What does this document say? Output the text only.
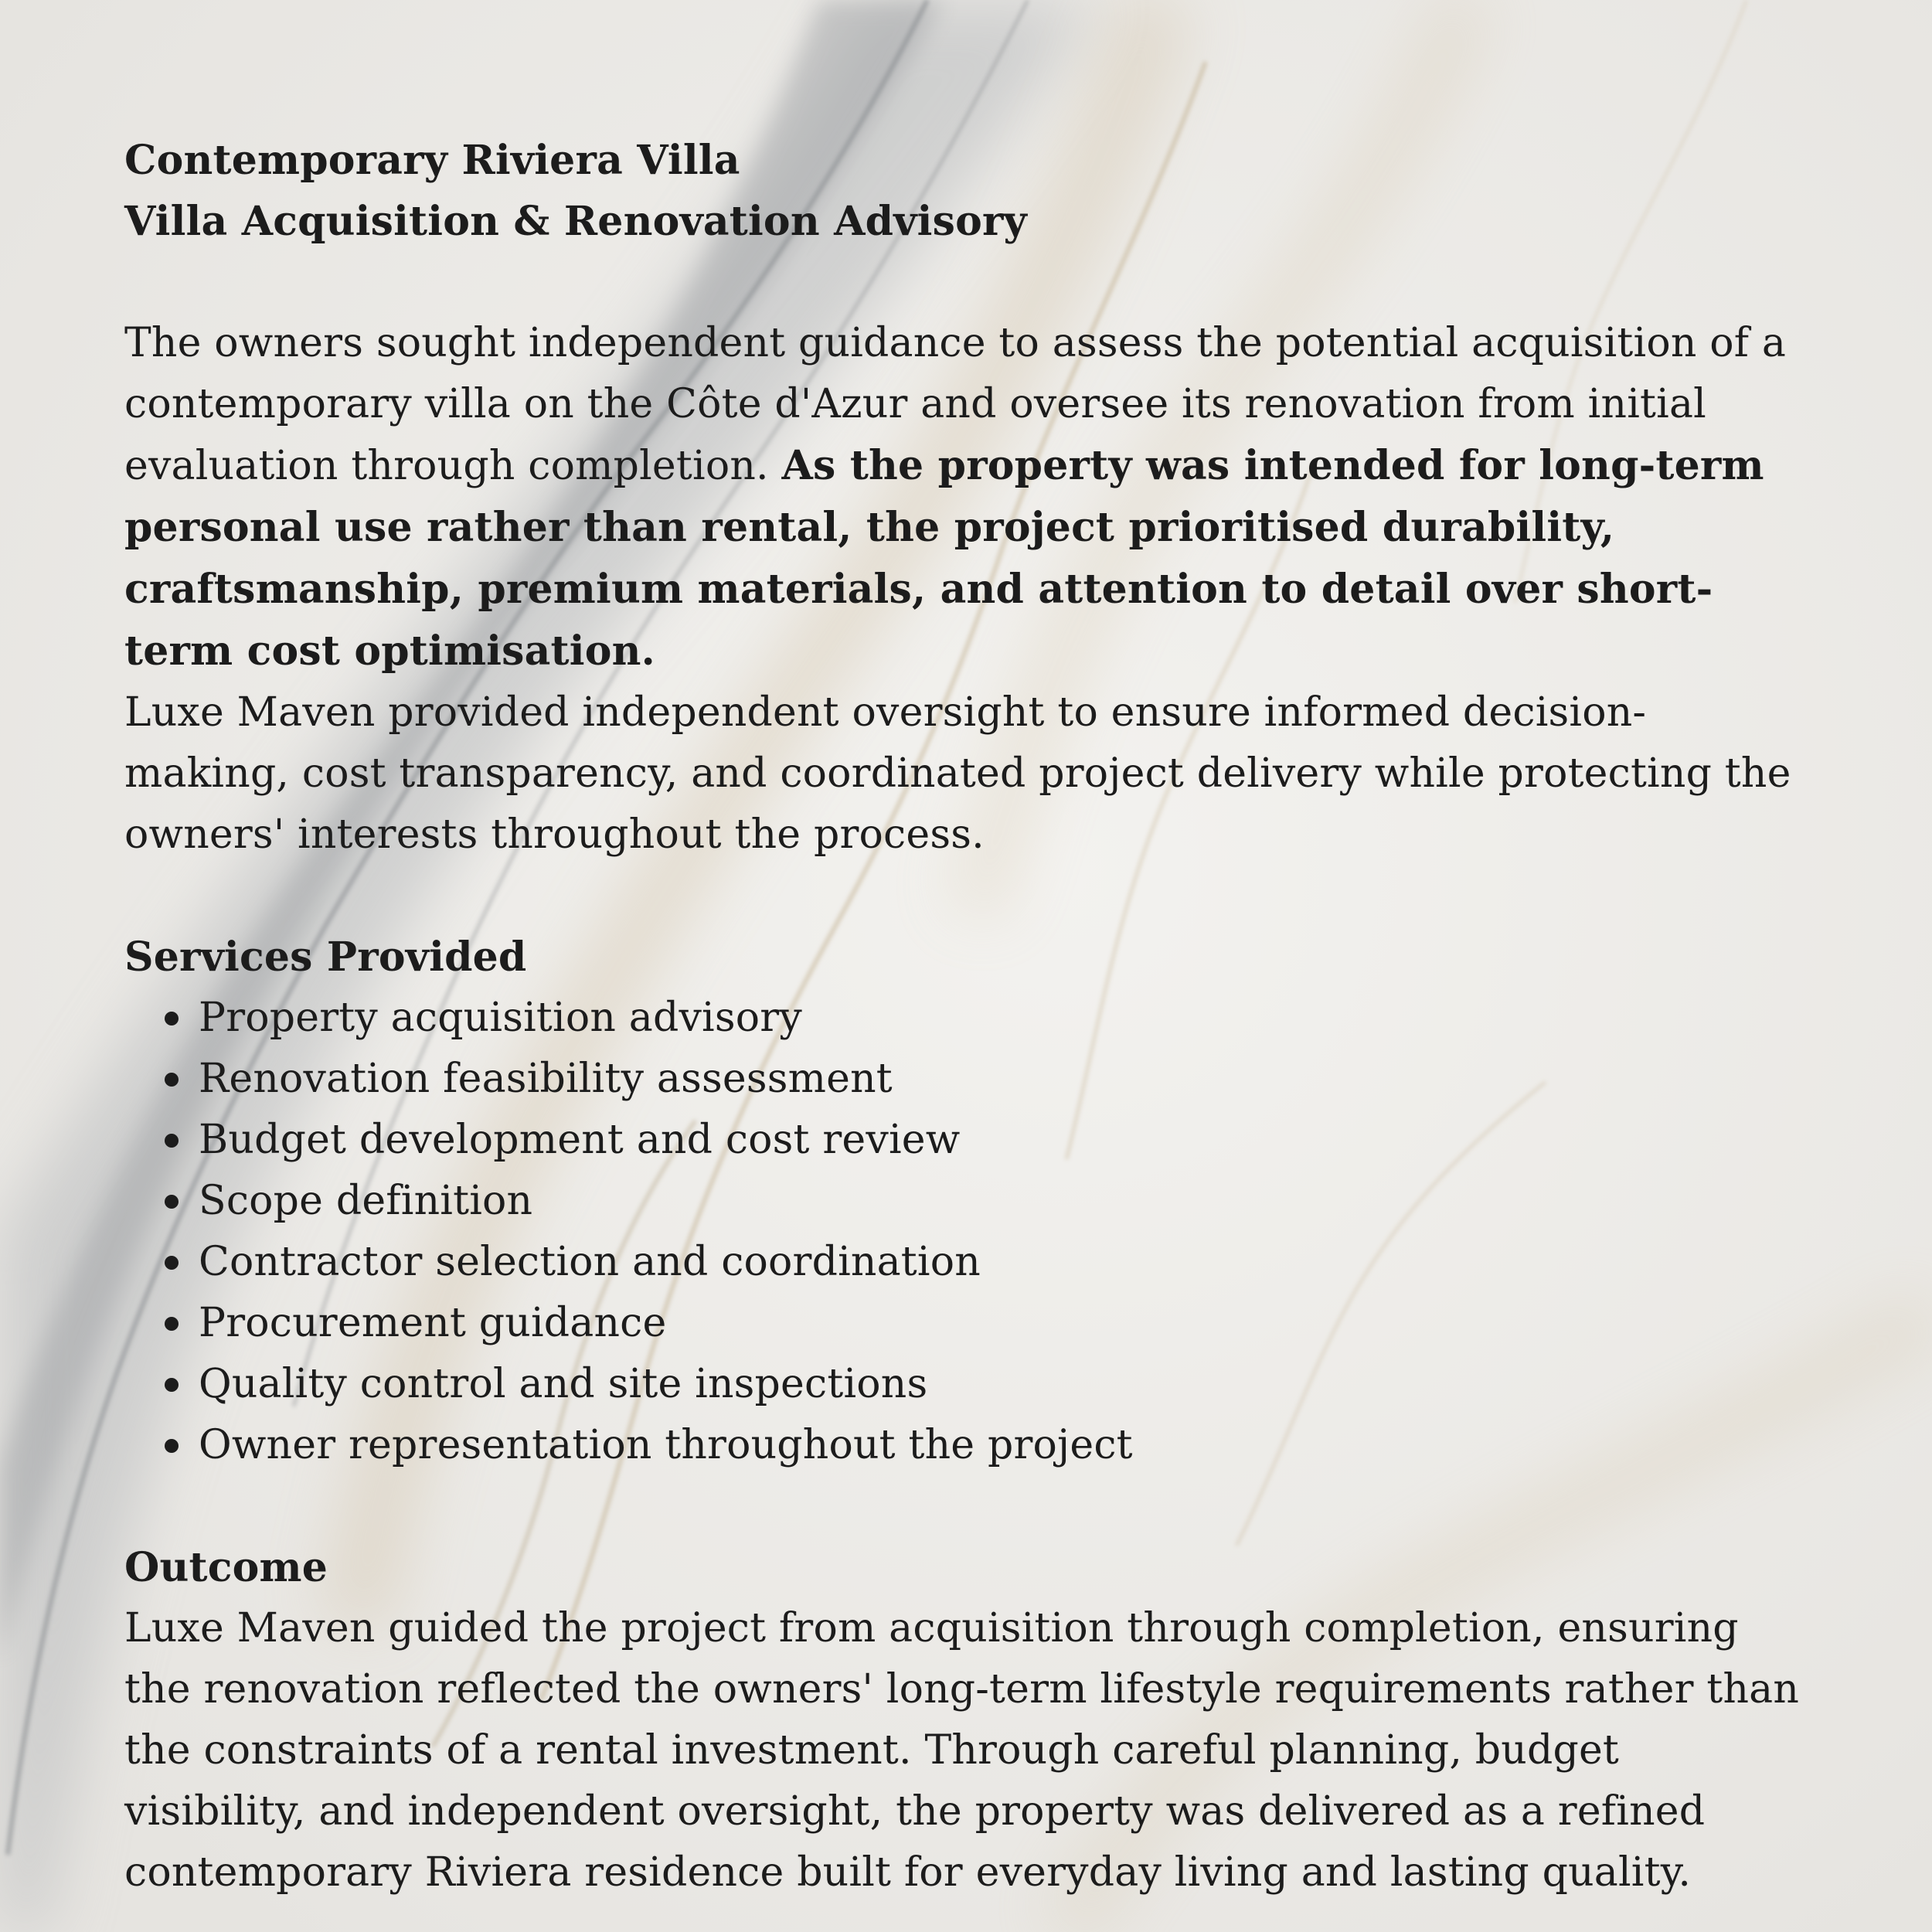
Contemporary Riviera Villa
Villa Acquisition & Renovation Advisory

The owners sought independent guidance to assess the potential acquisition of a contemporary villa on the Côte d'Azur and oversee its renovation from initial evaluation through completion. As the property was intended for long-term personal use rather than rental, the project prioritised durability, craftsmanship, premium materials, and attention to detail over short-term cost optimisation.

Luxe Maven provided independent oversight to ensure informed decision-making, cost transparency, and coordinated project delivery while protecting the owners' interests throughout the process.

Services Provided
Property acquisition advisory
Renovation feasibility assessment
Budget development and cost review
Scope definition
Contractor selection and coordination
Procurement guidance
Quality control and site inspections
Owner representation throughout the project
Outcome

Luxe Maven guided the project from acquisition through completion, ensuring the renovation reflected the owners' long-term lifestyle requirements rather than the constraints of a rental investment. Through careful planning, budget visibility, and independent oversight, the property was delivered as a refined contemporary Riviera residence built for everyday living and lasting quality.
